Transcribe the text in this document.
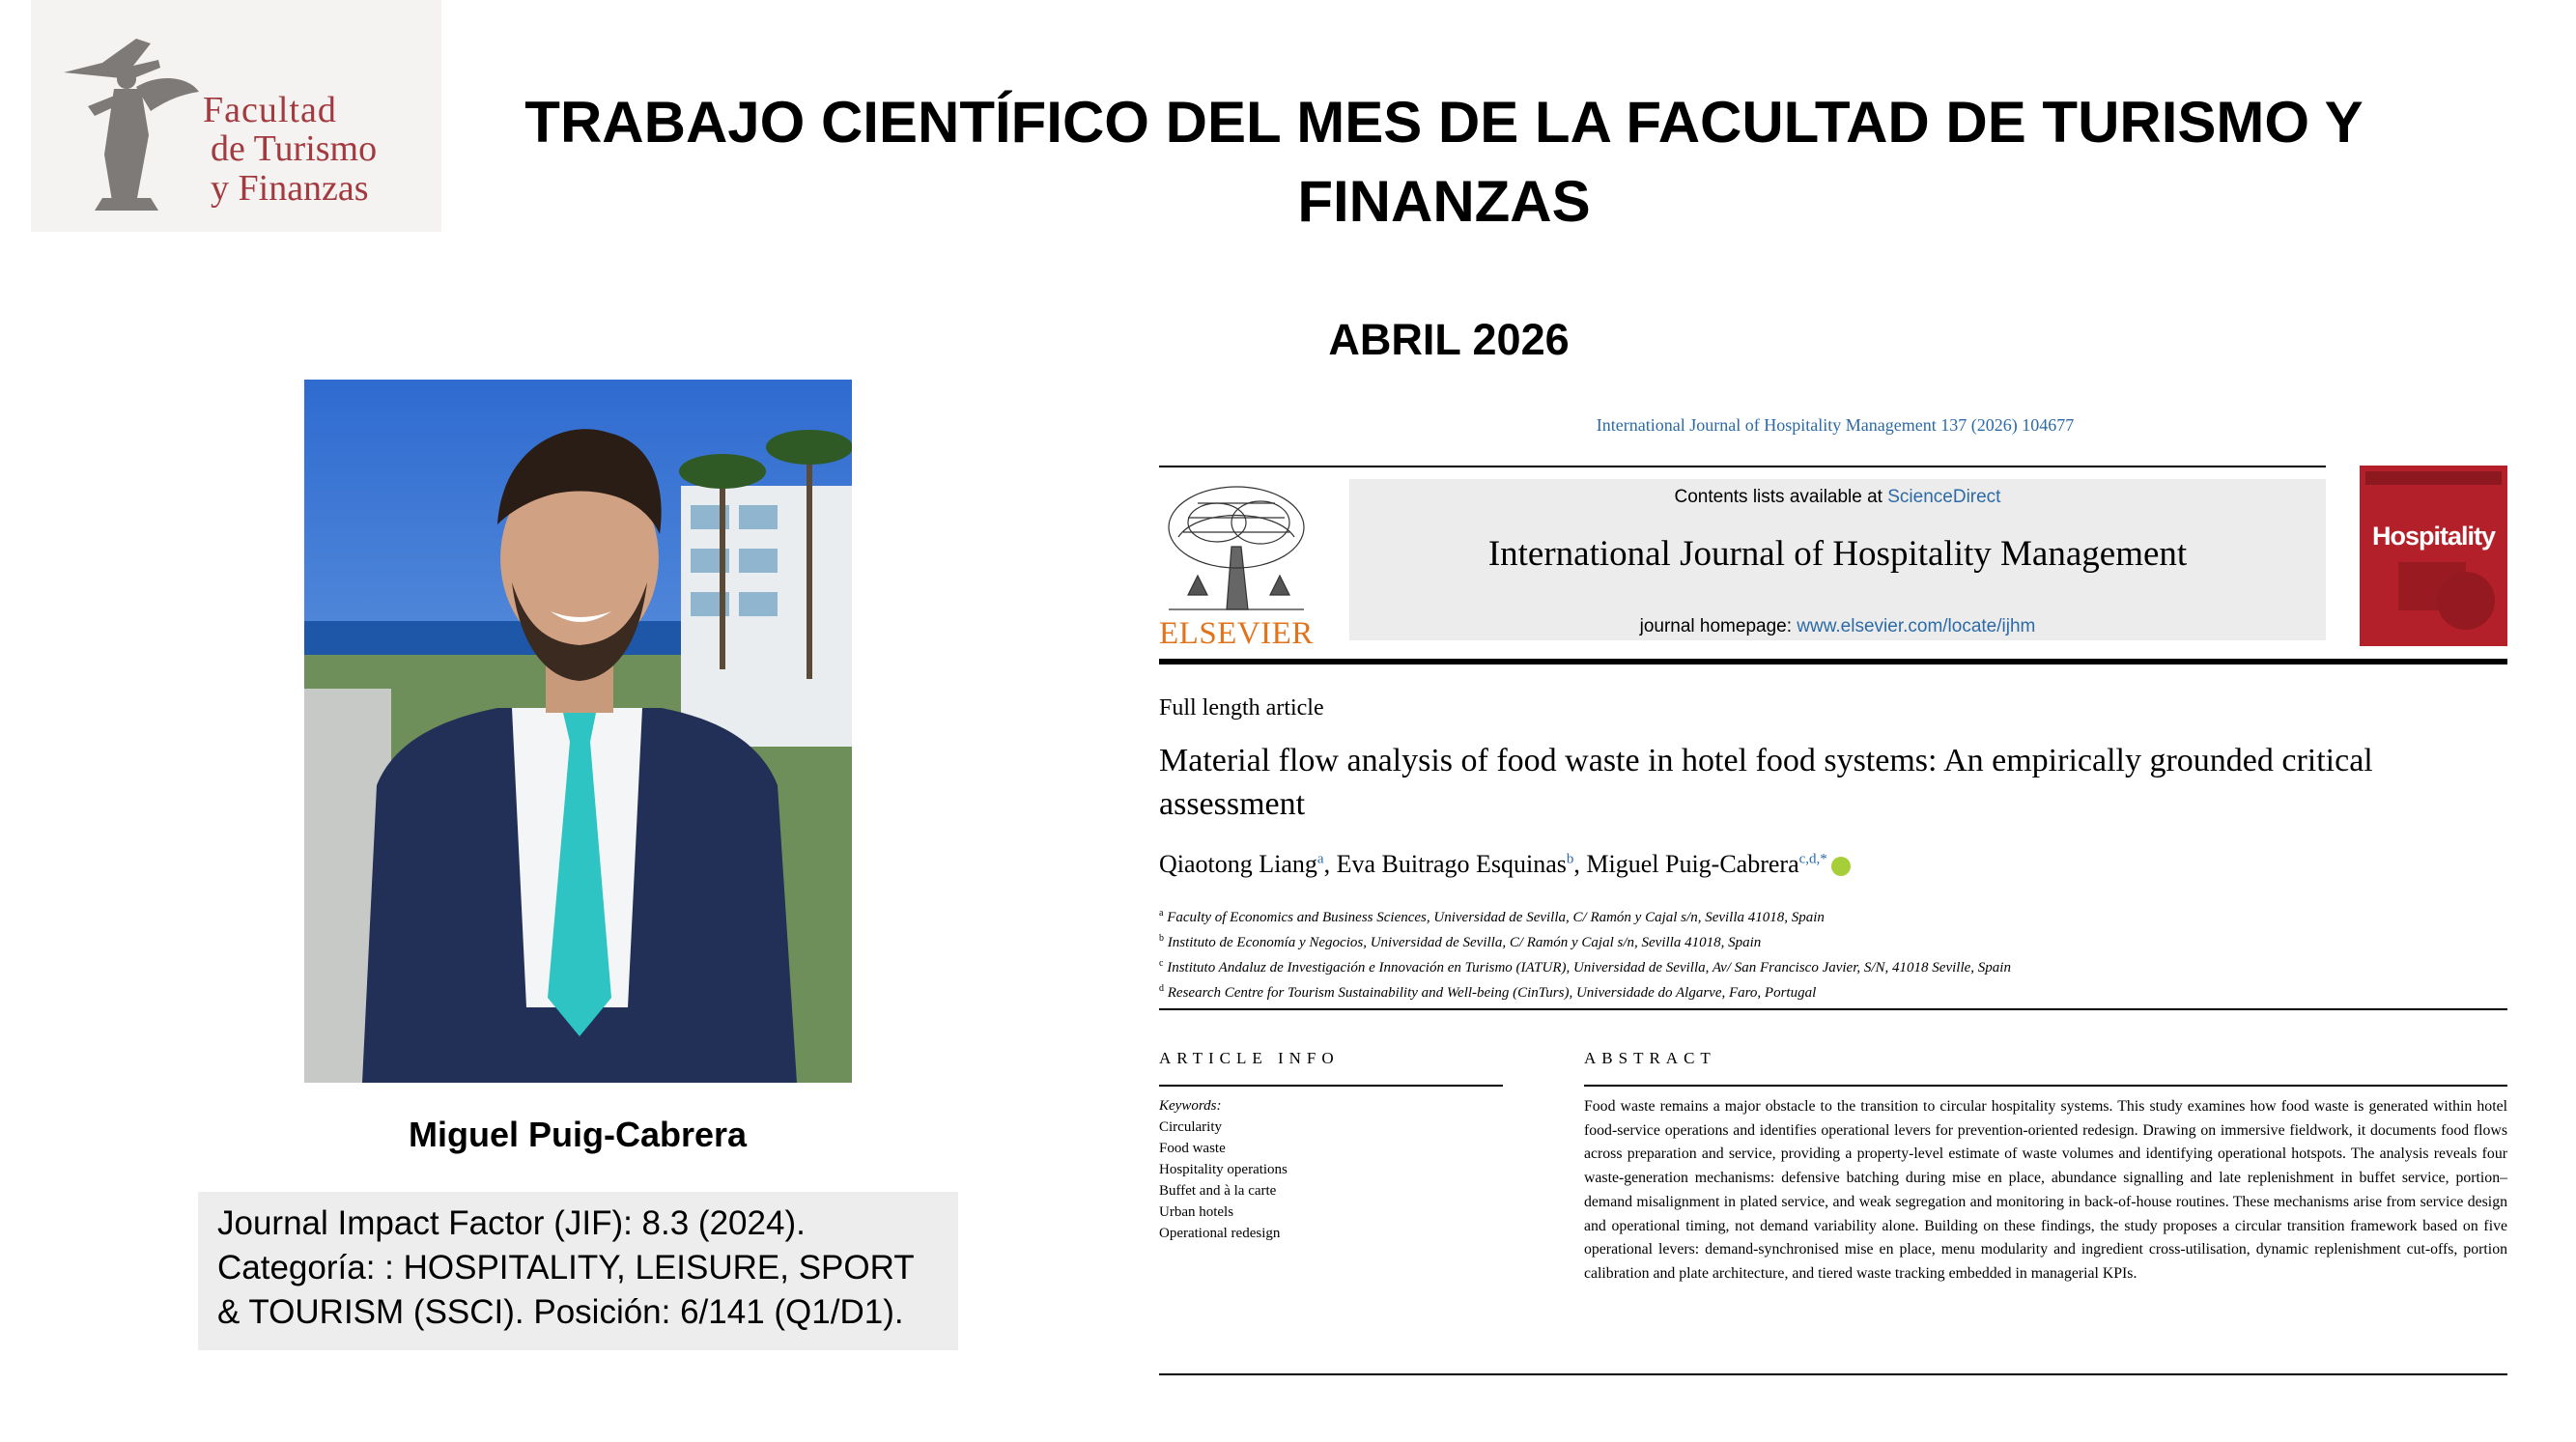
Facultad
de Turismo
y Finanzas
TRABAJO CIENTÍFICO DEL MES DE LA FACULTAD DE TURISMO Y FINANZAS
ABRIL 2026
Miguel Puig-Cabrera
Journal Impact Factor (JIF): 8.3 (2024). Categoría: : HOSPITALITY, LEISURE, SPORT & TOURISM (SSCI). Posición: 6/141 (Q1/D1).
International Journal of Hospitality Management 137 (2026) 104677
ELSEVIER
Contents lists available at ScienceDirect
International Journal of Hospitality Management
journal homepage: www.elsevier.com/locate/ijhm
Hospitality
Full length article
Material flow analysis of food waste in hotel food systems: An empirically grounded critical assessment
Qiaotong Liang$^a$, Eva Buitrago Esquinas$^b$, Miguel Puig-Cabrera$^{c,d,*}$
$^a$ Faculty of Economics and Business Sciences, Universidad de Sevilla, C/ Ramón y Cajal s/n, Sevilla 41018, Spain
$^b$ Instituto de Economía y Negocios, Universidad de Sevilla, C/ Ramón y Cajal s/n, Sevilla 41018, Spain
$^c$ Instituto Andaluz de Investigación e Innovación en Turismo (IATUR), Universidad de Sevilla, Av/ San Francisco Javier, S/N, 41018 Seville, Spain
$^d$ Research Centre for Tourism Sustainability and Well-being (CinTurs), Universidade do Algarve, Faro, Portugal
ARTICLE INFO	ABSTRACT
Keywords:
Circularity
Food waste
Hospitality operations
Buffet and à la carte
Urban hotels
Operational redesign
Food waste remains a major obstacle to the transition to circular hospitality systems. This study examines how food waste is generated within hotel food-service operations and identifies operational levers for prevention-oriented redesign. Drawing on immersive fieldwork, it documents food flows across preparation and service, providing a property-level estimate of waste volumes and identifying operational hotspots. The analysis reveals four waste-generation mechanisms: defensive batching during mise en place, abundance signalling and late replenishment in buffet service, portion–demand misalignment in plated service, and weak segregation and monitoring in back-of-house routines. These mechanisms arise from service design and operational timing, not demand variability alone. Building on these findings, the study proposes a circular transition framework based on five operational levers: demand-synchronised mise en place, menu modularity and ingredient cross-utilisation, dynamic replenishment cut-offs, portion calibration and plate architecture, and tiered waste tracking embedded in managerial KPIs.
